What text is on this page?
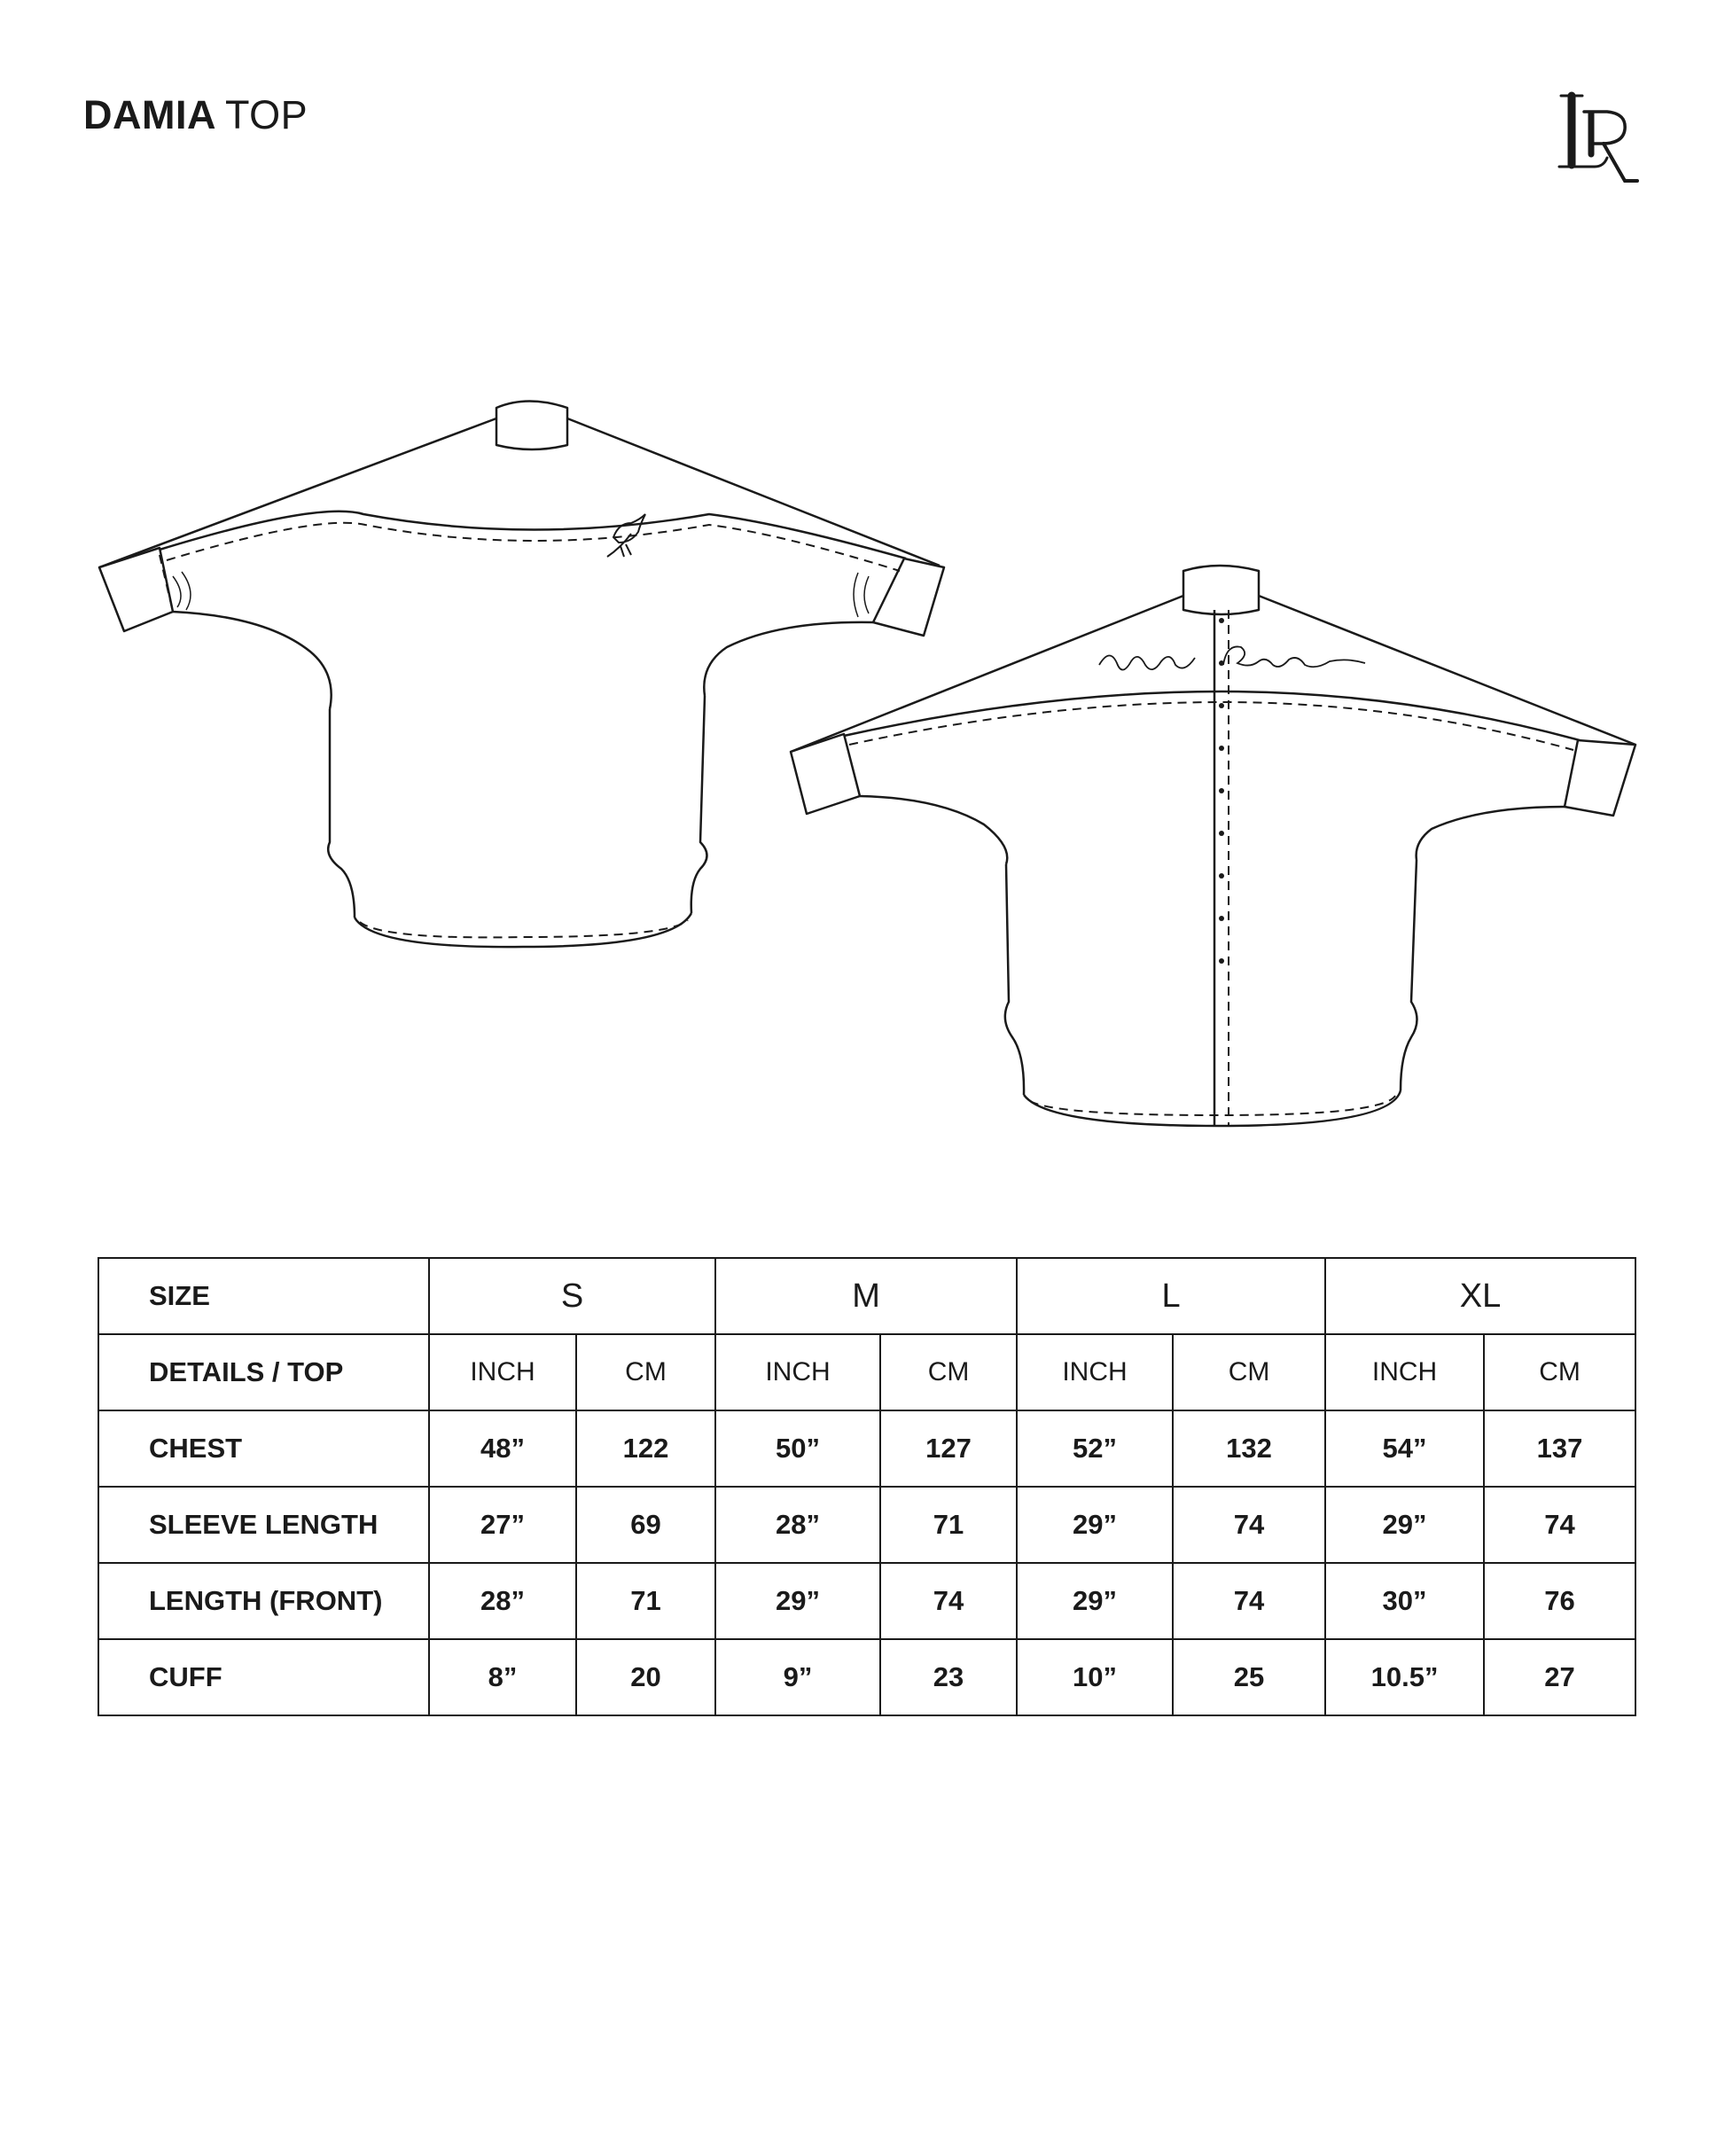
DAMIA TOP
SIZE	S		M		L		XL	
DETAILS / TOP	INCH	CM	INCH	CM	INCH	CM	INCH	CM
CHEST	48”	122	50”	127	52”	132	54”	137
SLEEVE LENGTH	27”	69	28”	71	29”	74	29”	74
LENGTH (FRONT)	28”	71	29”	74	29”	74	30”	76
CUFF	8”	20	9”	23	10”	25	10.5”	27
